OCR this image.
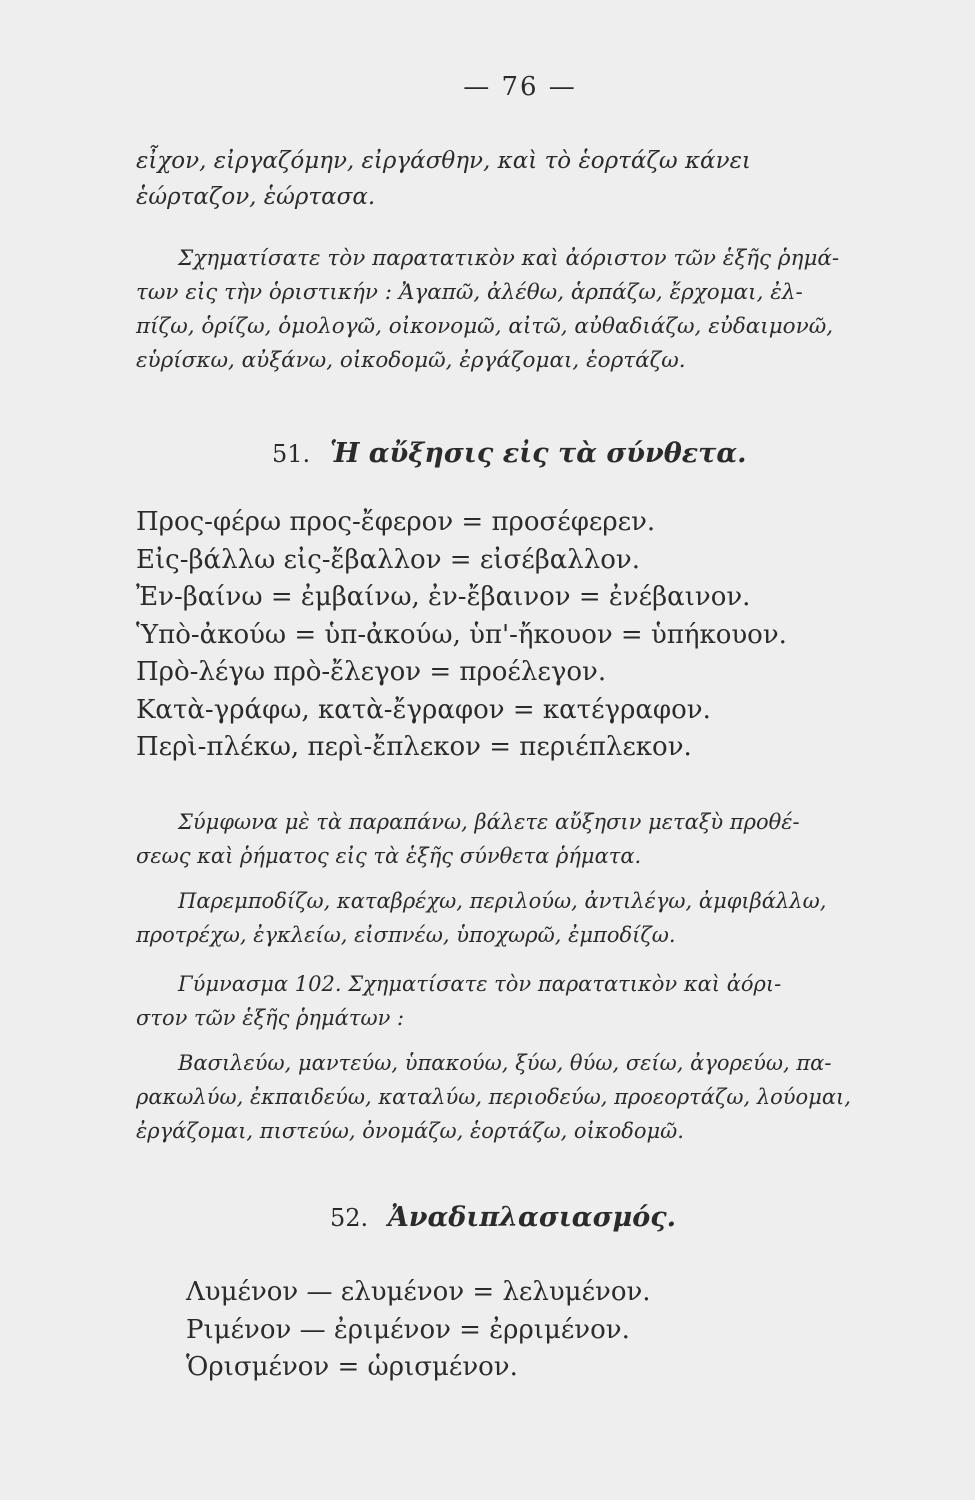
— 76 —

εἶχον, εἰργαζόμην, εἰργάσθην, καὶ τὸ ἑορτάζω κάνει
ἑώρταζον, ἑώρτασα.

Σχηματίσατε τὸν παρατατικὸν καὶ ἀόριστον τῶν ἑξῆς ῥημά-
των εἰς τὴν ὁριστικήν : Ἀγαπῶ, ἀλέθω, ἁρπάζω, ἔρχομαι, ἐλ-
πίζω, ὁρίζω, ὁμολογῶ, οἰκονομῶ, αἰτῶ, αὐθαδιάζω, εὐδαιμονῶ,
εὑρίσκω, αὐξάνω, οἰκοδομῶ, ἐργάζομαι, ἑορτάζω.

51. Ἡ αὔξησις εἰς τὰ σύνθετα.
Προς-φέρω προς-ἔφερον = προσέφερεν.
Εἰς-βάλλω εἰς-ἔβαλλον = εἰσέβαλλον.
Ἐν-βαίνω = ἐμβαίνω, ἐν-ἔβαινον = ἐνέβαινον.
Ὑπὸ-ἀκούω = ὑπ-ἀκούω, ὑπ'-ἤκουον = ὑπήκουον.
Πρὸ-λέγω πρὸ-ἔλεγον = προέλεγον.
Κατὰ-γράφω, κατὰ-ἔγραφον = κατέγραφον.
Περὶ-πλέκω, περὶ-ἔπλεκον = περιέπλεκον.

Σύμφωνα μὲ τὰ παραπάνω, βάλετε αὔξησιν μεταξὺ προθέ-
σεως καὶ ῥήματος εἰς τὰ ἑξῆς σύνθετα ῥήματα.

Παρεμποδίζω, καταβρέχω, περιλούω, ἀντιλέγω, ἀμφιβάλλω,
προτρέχω, ἐγκλείω, εἰσπνέω, ὑποχωρῶ, ἐμποδίζω.

Γύμνασμα 102. Σχηματίσατε τὸν παρατατικὸν καὶ ἀόρι-
στον τῶν ἑξῆς ῥημάτων :

Βασιλεύω, μαντεύω, ὑπακούω, ξύω, θύω, σείω, ἀγορεύω, πα-
ρακωλύω, ἐκπαιδεύω, καταλύω, περιοδεύω, προεορτάζω, λούομαι,
ἐργάζομαι, πιστεύω, ὀνομάζω, ἑορτάζω, οἰκοδομῶ.

52. Ἀναδιπλασιασμός.
Λυμένον — ελυμένον = λελυμένον.
Ριμένον — ἐριμένον = ἐρριμένον.
Ὁρισμένον = ὡρισμένον.
